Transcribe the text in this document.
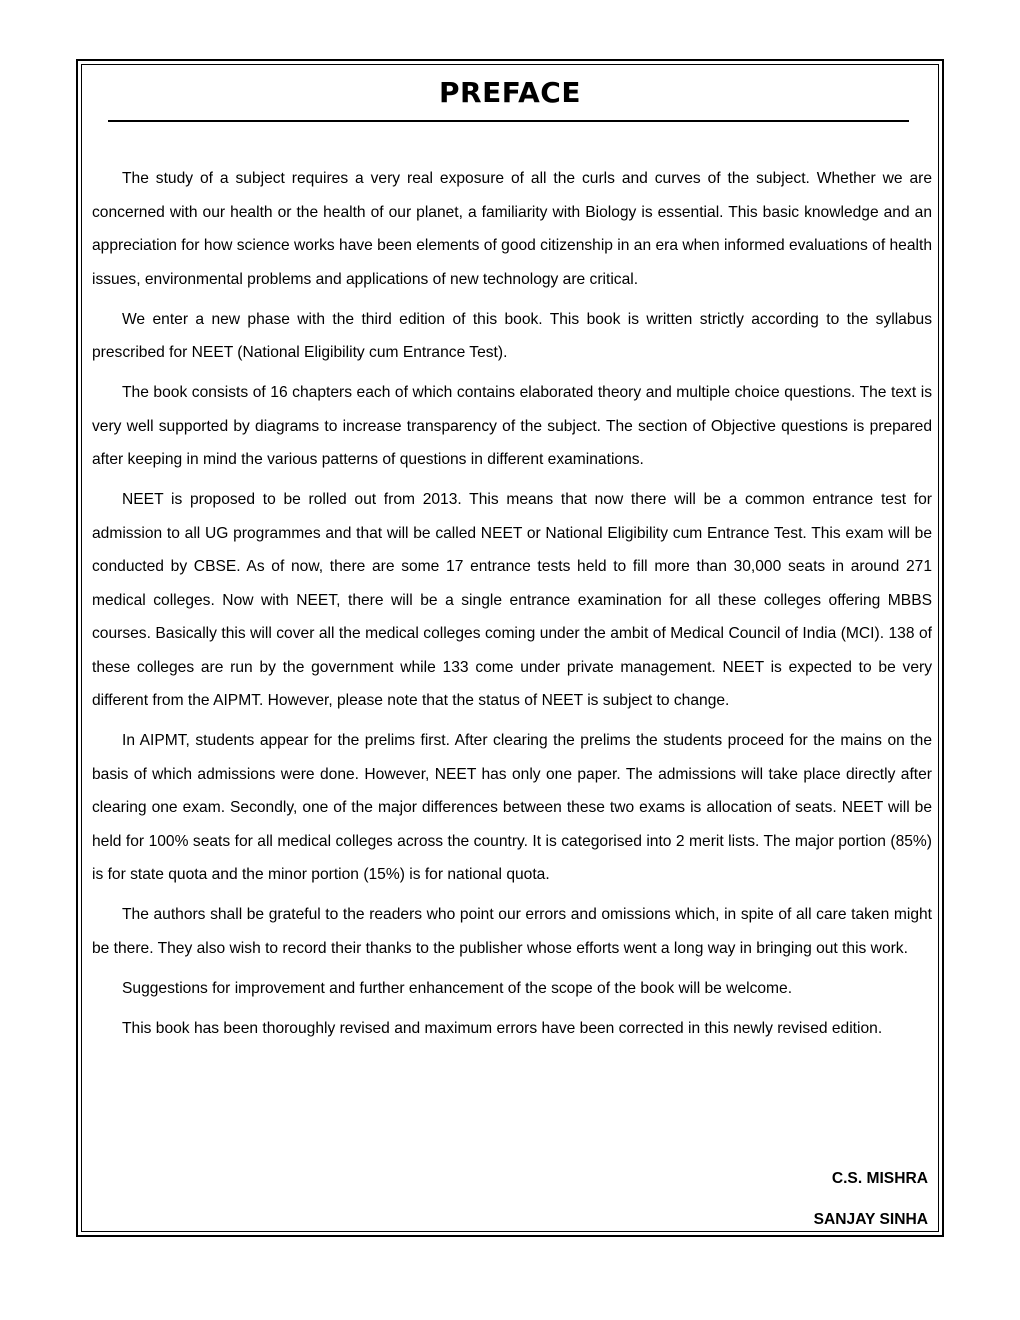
PREFACE

The study of a subject requires a very real exposure of all the curls and curves of the subject. Whether we are concerned with our health or the health of our planet, a familiarity with Biology is essential. This basic knowledge and an appreciation for how science works have been elements of good citizenship in an era when informed evaluations of health issues, environmental problems and applications of new technology are critical.

We enter a new phase with the third edition of this book. This book is written strictly according to the syllabus prescribed for NEET (National Eligibility cum Entrance Test).

The book consists of 16 chapters each of which contains elaborated theory and multiple choice questions. The text is very well supported by diagrams to increase transparency of the subject. The section of Objective questions is prepared after keeping in mind the various patterns of questions in different examinations.

NEET is proposed to be rolled out from 2013. This means that now there will be a common entrance test for admission to all UG programmes and that will be called NEET or National Eligibility cum Entrance Test. This exam will be conducted by CBSE. As of now, there are some 17 entrance tests held to fill more than 30,000 seats in around 271 medical colleges. Now with NEET, there will be a single entrance examination for all these colleges offering MBBS courses. Basically this will cover all the medical colleges coming under the ambit of Medical Council of India (MCI). 138 of these colleges are run by the government while 133 come under private management. NEET is expected to be very different from the AIPMT. However, please note that the status of NEET is subject to change.

In AIPMT, students appear for the prelims first. After clearing the prelims the students proceed for the mains on the basis of which admissions were done. However, NEET has only one paper. The admissions will take place directly after clearing one exam. Secondly, one of the major differences between these two exams is allocation of seats. NEET will be held for 100% seats for all medical colleges across the country. It is categorised into 2 merit lists. The major portion (85%) is for state quota and the minor portion (15%) is for national quota.

The authors shall be grateful to the readers who point our errors and omissions which, in spite of all care taken might be there. They also wish to record their thanks to the publisher whose efforts went a long way in bringing out this work.

Suggestions for improvement and further enhancement of the scope of the book will be welcome.

This book has been thoroughly revised and maximum errors have been corrected in this newly revised edition.

C.S. MISHRA
SANJAY SINHA
